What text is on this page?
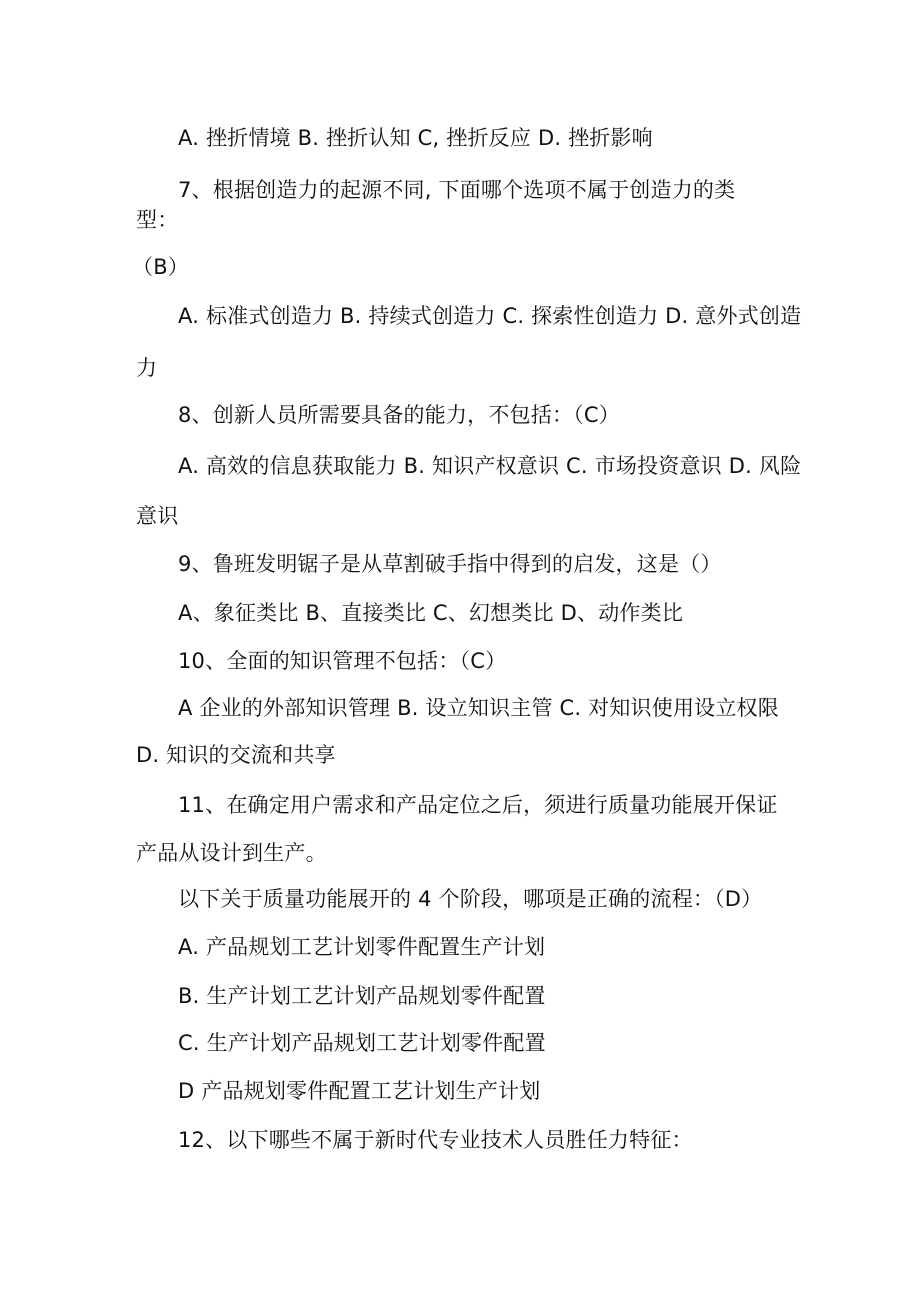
A. 挫折情境 B. 挫折认知 C, 挫折反应 D. 挫折影响
7、根据创造力的起源不同, 下面哪个选项不属于创造力的类
型：
（B）
A. 标准式创造力 B. 持续式创造力 C. 探索性创造力 D. 意外式创造
力
8、创新人员所需要具备的能力，不包括：（C）
A. 高效的信息获取能力 B. 知识产权意识 C. 市场投资意识 D. 风险
意识
9、鲁班发明锯子是从草割破手指中得到的启发，这是（）
A、象征类比 B、直接类比 C、幻想类比 D、动作类比
10、全面的知识管理不包括：（C）
A 企业的外部知识管理 B. 设立知识主管 C. 对知识使用设立权限
D. 知识的交流和共享
11、在确定用户需求和产品定位之后，须进行质量功能展开保证
产品从设计到生产。
以下关于质量功能展开的 4 个阶段，哪项是正确的流程：（D）
A. 产品规划工艺计划零件配置生产计划
B. 生产计划工艺计划产品规划零件配置
C. 生产计划产品规划工艺计划零件配置
D 产品规划零件配置工艺计划生产计划
12、以下哪些不属于新时代专业技术人员胜任力特征：
